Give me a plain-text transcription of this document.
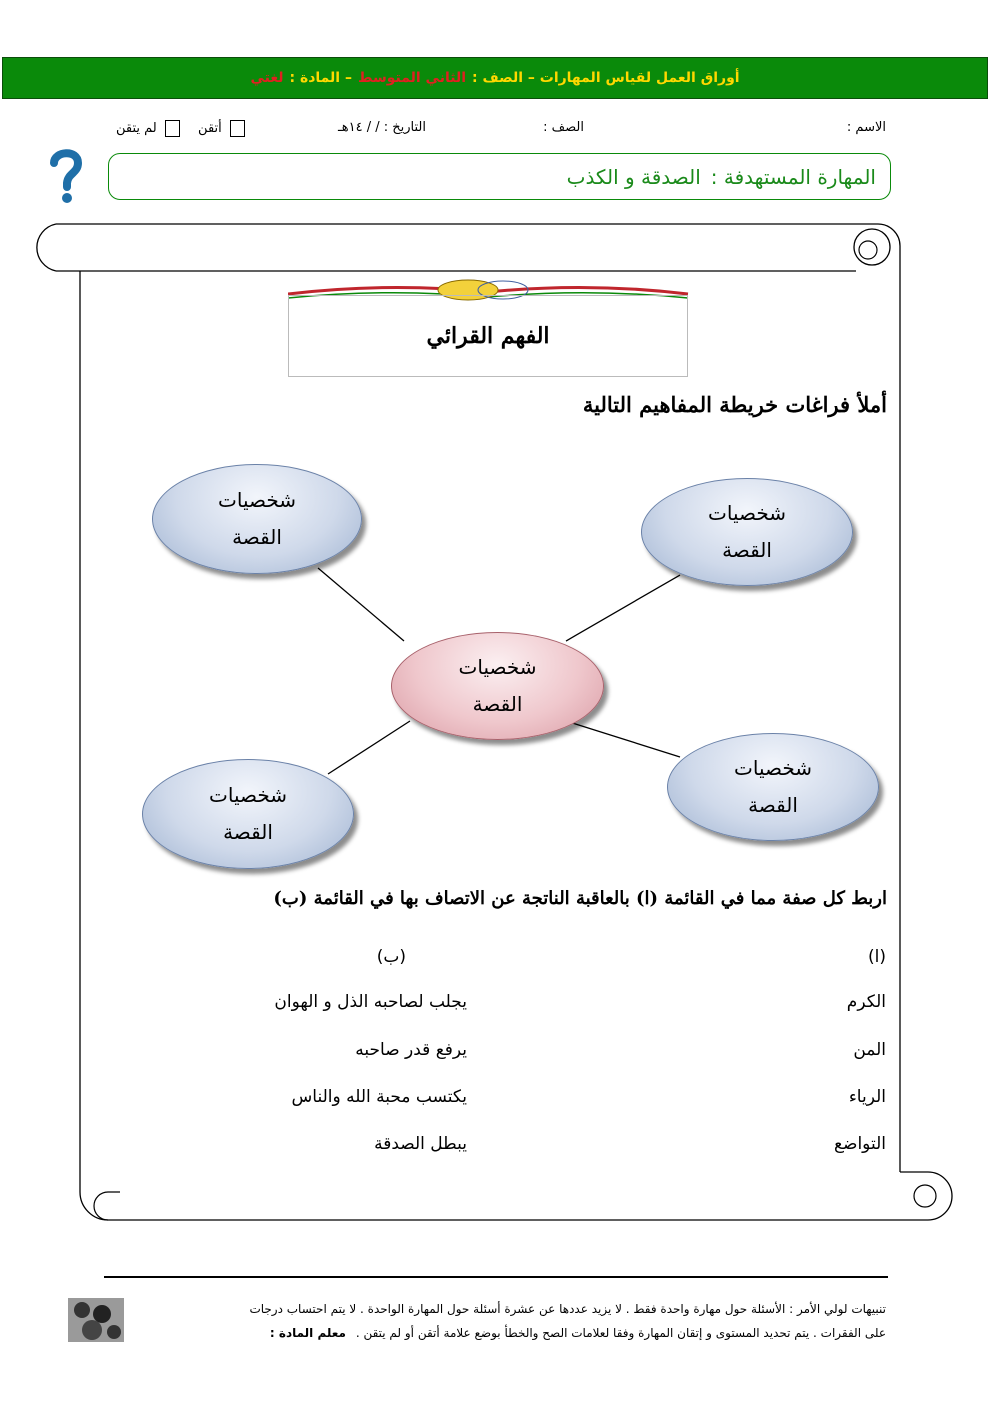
أوراق العمل لقياس المهارات – الصف :
الثاني المتوسط
– المادة :
لغتي
الاسم :
الصف :
التاريخ : / / ١٤هـ
أتقن  لم يتقن
المهارة المستهدفة :
الصدقة و الكذب
الفهم القرائي
أملأ فراغات خريطة المفاهيم التالية
شخصيات
القصة
شخصيات
القصة
شخصيات
القصة
شخصيات
القصة
شخصيات
القصة
اربط كل صفة مما في القائمة (ا) بالعاقبة الناتجة عن الاتصاف بها في القائمة (ب)
(ا)
(ب)
الكرم
المن
الرياء
التواضع
يجلب لصاحبه الذل و الهوان
يرفع قدر صاحبه
يكتسب محبة الله والناس
يبطل الصدقة
تنبيهات لولي الأمر : الأسئلة حول مهارة واحدة فقط . لا يزيد عددها عن عشرة أسئلة حول المهارة الواحدة . لا يتم احتساب درجات
على الفقرات . يتم تحديد المستوى و إتقان المهارة وفقا لعلامات الصح والخطأ بوضع علامة أتقن أو لم يتقن . معلم المادة :
